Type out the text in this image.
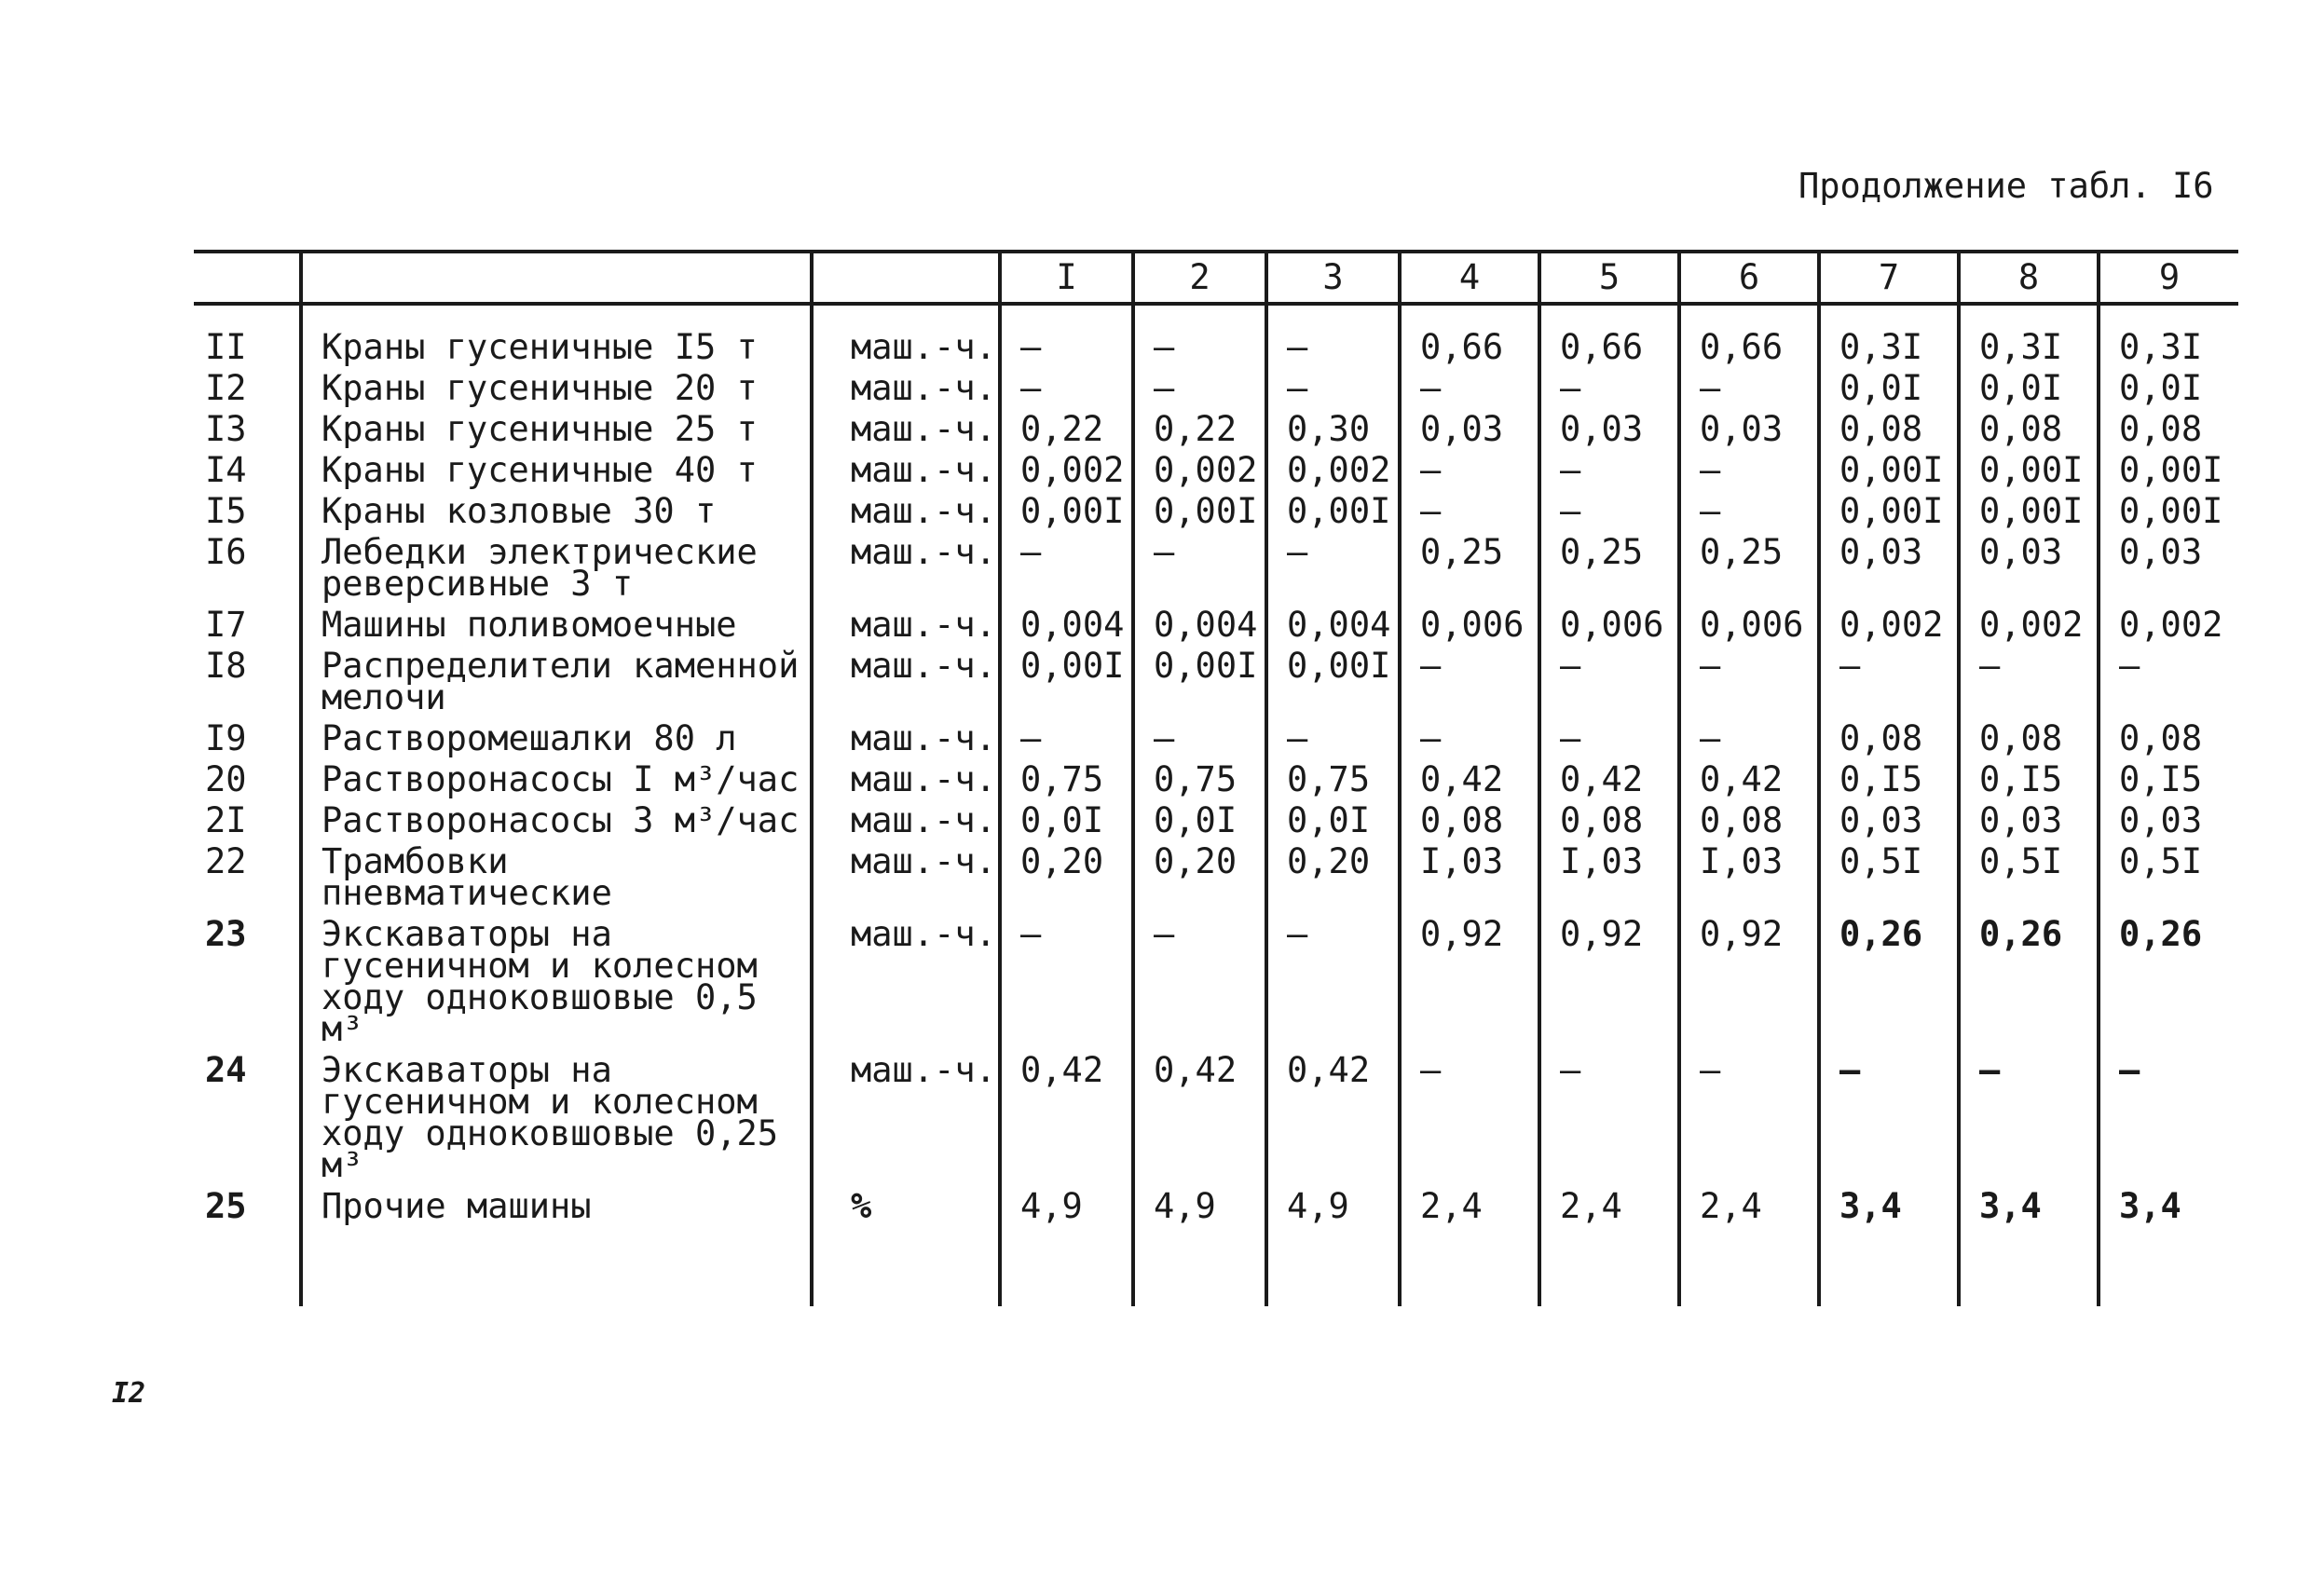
Продолжение табл. I6
			I	2	3	4	5	6	7	8	9
II	Краны гусеничные I5 т	маш.-ч.	–	–	–	0,66	0,66	0,66	0,3I	0,3I	0,3I
I2	Краны гусеничные 20 т	маш.-ч.	–	–	–	–	–	–	0,0I	0,0I	0,0I
I3	Краны гусеничные 25 т	маш.-ч.	0,22	0,22	0,30	0,03	0,03	0,03	0,08	0,08	0,08
I4	Краны гусеничные 40 т	маш.-ч.	0,002	0,002	0,002	–	–	–	0,00I	0,00I	0,00I
I5	Краны козловые 30 т	маш.-ч.	0,00I	0,00I	0,00I	–	–	–	0,00I	0,00I	0,00I
I6	Лебедки электрические реверсивные 3 т	маш.-ч.	–	–	–	0,25	0,25	0,25	0,03	0,03	0,03
I7	Машины поливомоечные	маш.-ч.	0,004	0,004	0,004	0,006	0,006	0,006	0,002	0,002	0,002
I8	Распределители каменной мелочи	маш.-ч.	0,00I	0,00I	0,00I	–	–	–	–	–	–
I9	Растворомешалки 80 л	маш.-ч.	–	–	–	–	–	–	0,08	0,08	0,08
20	Растворонасосы I м³/час	маш.-ч.	0,75	0,75	0,75	0,42	0,42	0,42	0,I5	0,I5	0,I5
2I	Растворонасосы 3 м³/час	маш.-ч.	0,0I	0,0I	0,0I	0,08	0,08	0,08	0,03	0,03	0,03
22	Трамбовки пневматические	маш.-ч.	0,20	0,20	0,20	I,03	I,03	I,03	0,5I	0,5I	0,5I
23	Экскаваторы на гусеничном и колесном ходу одноковшовые 0,5 м³	маш.-ч.	–	–	–	0,92	0,92	0,92	0,26	0,26	0,26
24	Экскаваторы на гусеничном и колесном ходу одноковшовые 0,25 м³	маш.-ч.	0,42	0,42	0,42	–	–	–	–	–	–
25	Прочие машины	%	4,9	4,9	4,9	2,4	2,4	2,4	3,4	3,4	3,4
I2
